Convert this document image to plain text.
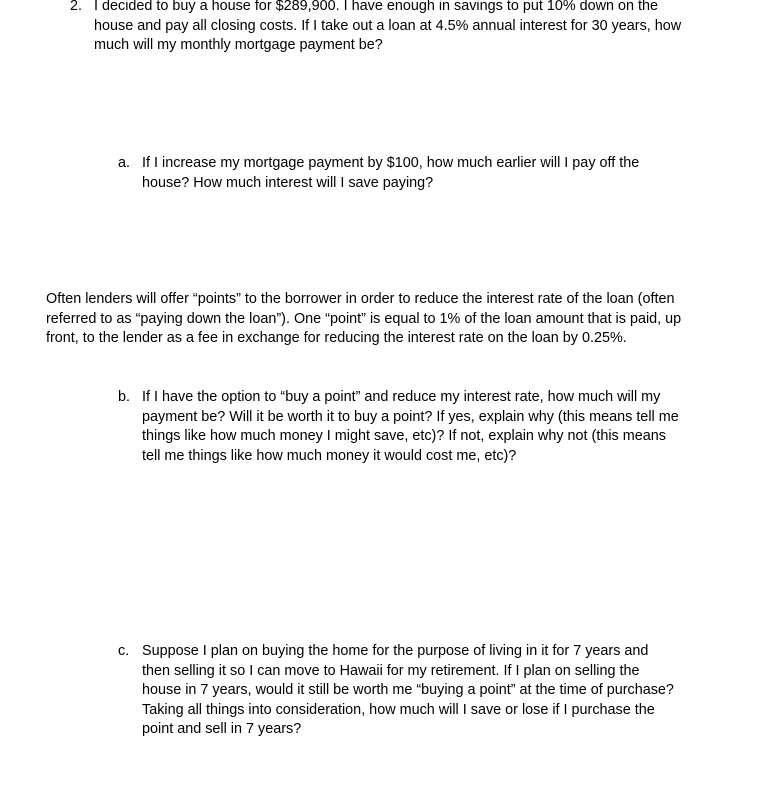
2. I decided to buy a house for $289,900. I have enough in savings to put 10% down on the house and pay all closing costs. If I take out a loan at 4.5% annual interest for 30 years, how much will my monthly mortgage payment be?

a. If I increase my mortgage payment by $100, how much earlier will I pay off the house? How much interest will I save paying?

Often lenders will offer “points” to the borrower in order to reduce the interest rate of the loan (often referred to as “paying down the loan”). One “point” is equal to 1% of the loan amount that is paid, up front, to the lender as a fee in exchange for reducing the interest rate on the loan by 0.25%.

b. If I have the option to “buy a point” and reduce my interest rate, how much will my payment be? Will it be worth it to buy a point? If yes, explain why (this means tell me things like how much money I might save, etc)? If not, explain why not (this means tell me things like how much money it would cost me, etc)?

c. Suppose I plan on buying the home for the purpose of living in it for 7 years and then selling it so I can move to Hawaii for my retirement. If I plan on selling the house in 7 years, would it still be worth me “buying a point” at the time of purchase? Taking all things into consideration, how much will I save or lose if I purchase the point and sell in 7 years?
